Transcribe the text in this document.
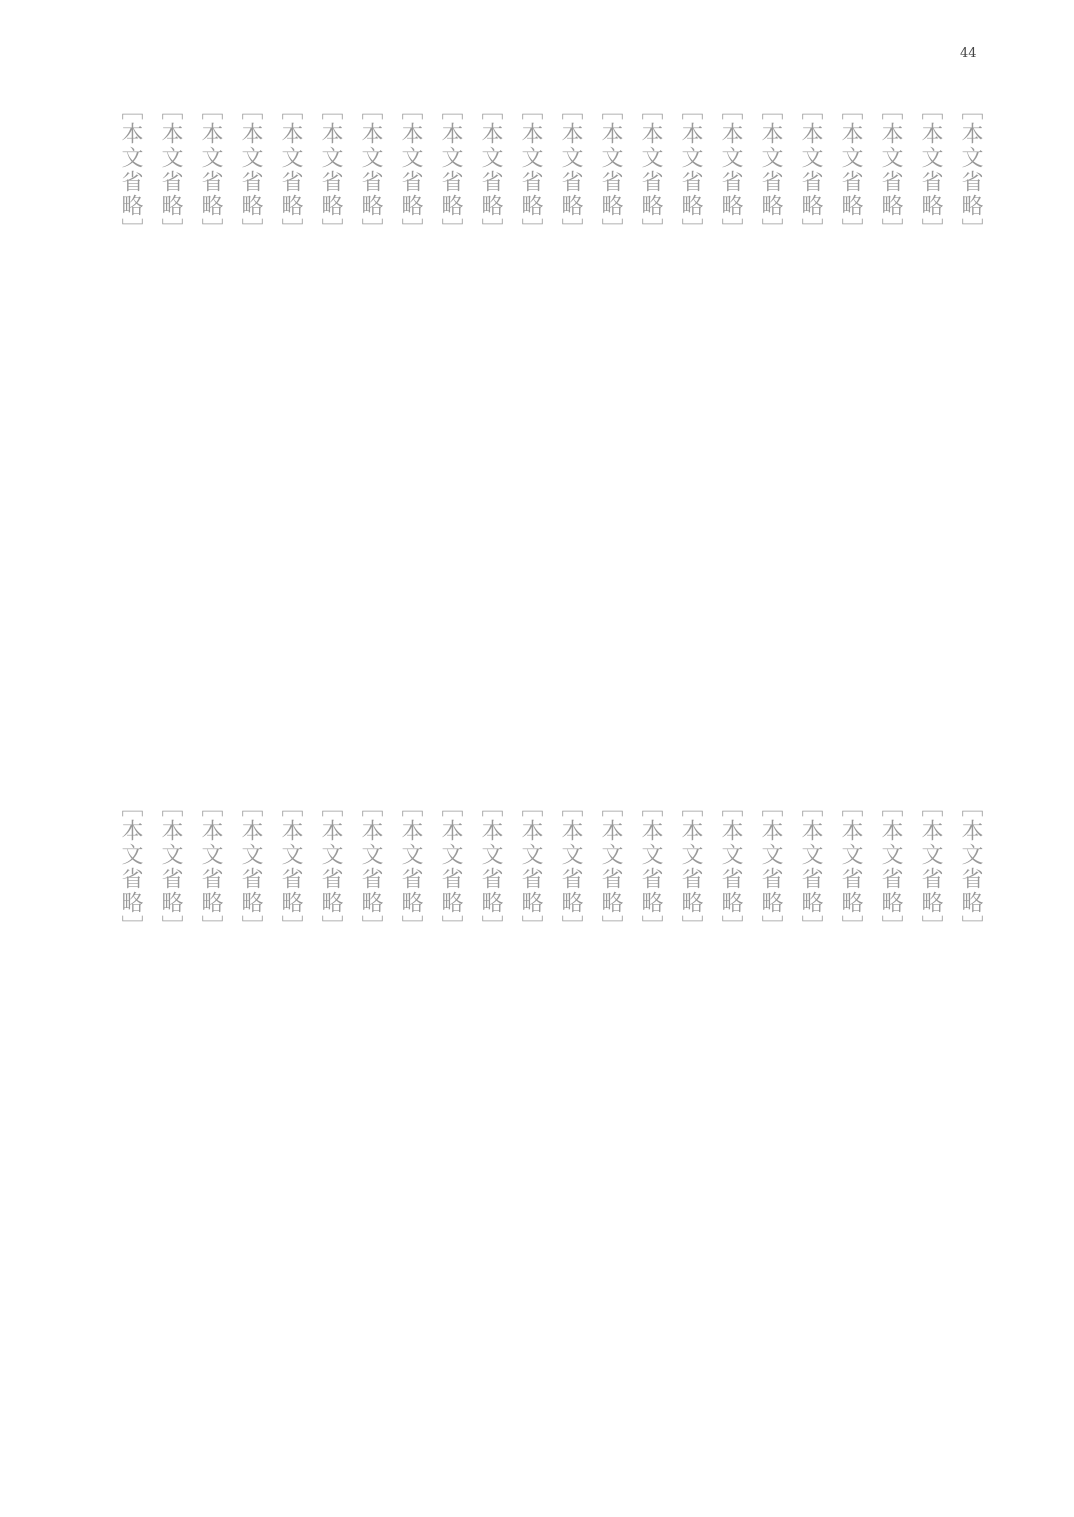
44
［本文省略］
［本文省略］
［本文省略］
［本文省略］
［本文省略］
［本文省略］
［本文省略］
［本文省略］
［本文省略］
［本文省略］
［本文省略］
［本文省略］
［本文省略］
［本文省略］
［本文省略］
［本文省略］
［本文省略］
［本文省略］
［本文省略］
［本文省略］
［本文省略］
［本文省略］
［本文省略］
［本文省略］
［本文省略］
［本文省略］
［本文省略］
［本文省略］
［本文省略］
［本文省略］
［本文省略］
［本文省略］
［本文省略］
［本文省略］
［本文省略］
［本文省略］
［本文省略］
［本文省略］
［本文省略］
［本文省略］
［本文省略］
［本文省略］
［本文省略］
［本文省略］
